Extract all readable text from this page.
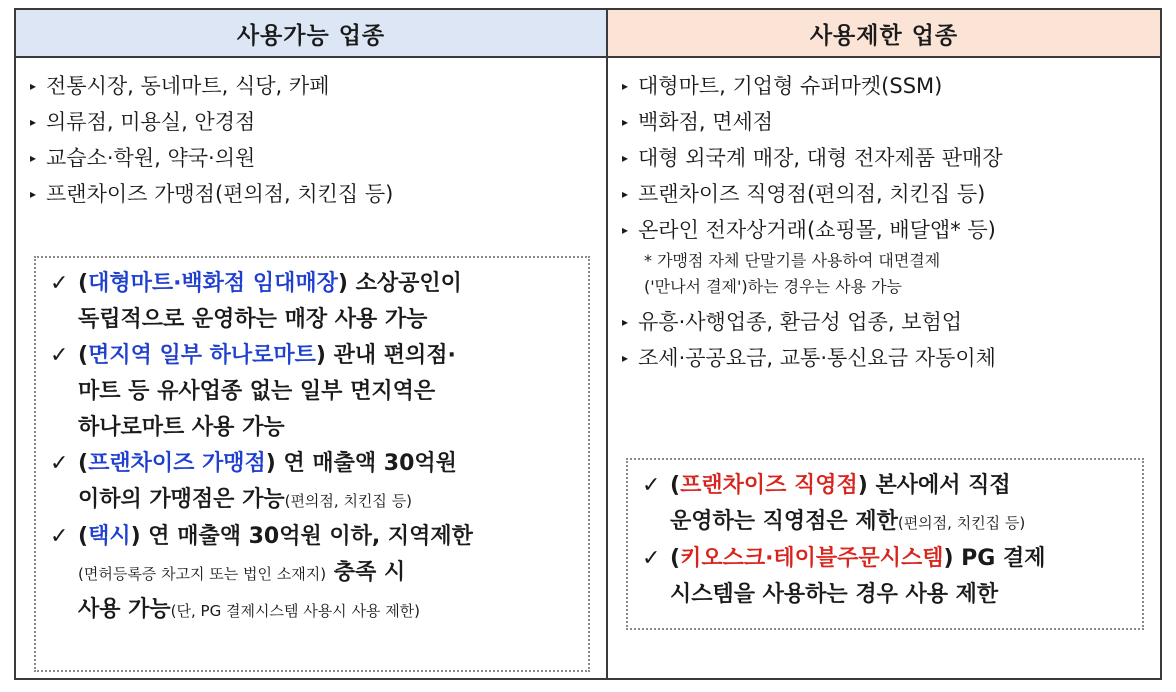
사용가능 업종
▸ 전통시장, 동네마트, 식당, 카페
▸ 의류점, 미용실, 안경점
▸ 교습소·학원, 약국·의원
▸ 프랜차이즈 가맹점(편의점, 치킨집 등)
✓ (대형마트·백화점 임대매장) 소상공인이
독립적으로 운영하는 매장 사용 가능
✓ (면지역 일부 하나로마트) 관내 편의점·
마트 등 유사업종 없는 일부 면지역은
하나로마트 사용 가능
✓ (프랜차이즈 가맹점) 연 매출액 30억원
이하의 가맹점은 가능(편의점, 치킨집 등)
✓ (택시) 연 매출액 30억원 이하, 지역제한
(면허등록증 차고지 또는 법인 소재지) 충족 시
사용 가능(단, PG 결제시스템 사용시 사용 제한)
사용제한 업종
▸ 대형마트, 기업형 슈퍼마켓(SSM)
▸ 백화점, 면세점
▸ 대형 외국계 매장, 대형 전자제품 판매장
▸ 프랜차이즈 직영점(편의점, 치킨집 등)
▸ 온라인 전자상거래(쇼핑몰, 배달앱* 등)
* 가맹점 자체 단말기를 사용하여 대면결제
('만나서 결제')하는 경우는 사용 가능
▸ 유흥·사행업종, 환금성 업종, 보험업
▸ 조세·공공요금, 교통·통신요금 자동이체
✓ (프랜차이즈 직영점) 본사에서 직접
운영하는 직영점은 제한(편의점, 치킨집 등)
✓ (키오스크·테이블주문시스템) PG 결제
시스템을 사용하는 경우 사용 제한
